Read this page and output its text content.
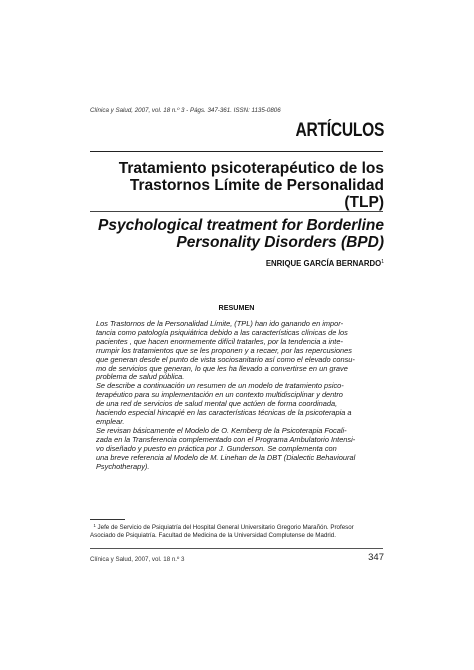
Clínica y Salud, 2007, vol. 18 n.º 3 - Págs. 347-361. ISSN: 1135-0806
ARTÍCULOS
Tratamiento psicoterapéutico de los
Trastornos Límite de Personalidad
(TLP)
Psychological treatment for Borderline
Personality Disorders (BPD)
ENRIQUE GARCÍA BERNARDO$^1$
RESUMEN

Los Trastornos de la Personalidad Límite, (TPL) han ido ganando en impor-
tancia como patología psiquiátrica debido a las características clínicas de los
pacientes , que hacen enormemente difícil tratarles, por la tendencia a inte-
rrumpir los tratamientos que se les proponen y a recaer, por las repercusiones
que generan desde el punto de vista sociosanitario así como el elevado consu-
mo de servicios que generan, lo que les ha llevado a convertirse en un grave
problema de salud pública.

Se describe a continuación un resumen de un modelo de tratamiento psico-
terapéutico para su implementación en un contexto multidisciplinar y dentro
de una red de servicios de salud mental que actúen de forma coordinada,
haciendo especial hincapié en las características técnicas de la psicoterapia a
emplear.

Se revisan básicamente el Modelo de O. Kernberg de la Psicoterapia Focali-
zada en la Transferencia complementado con el Programa Ambulatorio Intensi-
vo diseñado y puesto en práctica por J. Gunderson. Se complementa con
una breve referencia al Modelo de M. Linehan de la DBT (Dialectic Behavioural
Psychotherapy).

$^1$ Jefe de Servicio de Psiquiatría del Hospital General Universitario Gregorio Marañón. Profesor
Asociado de Psiquiatría. Facultad de Medicina de la Universidad Complutense de Madrid.
Clínica y Salud, 2007, vol. 18 n.º 3	347
